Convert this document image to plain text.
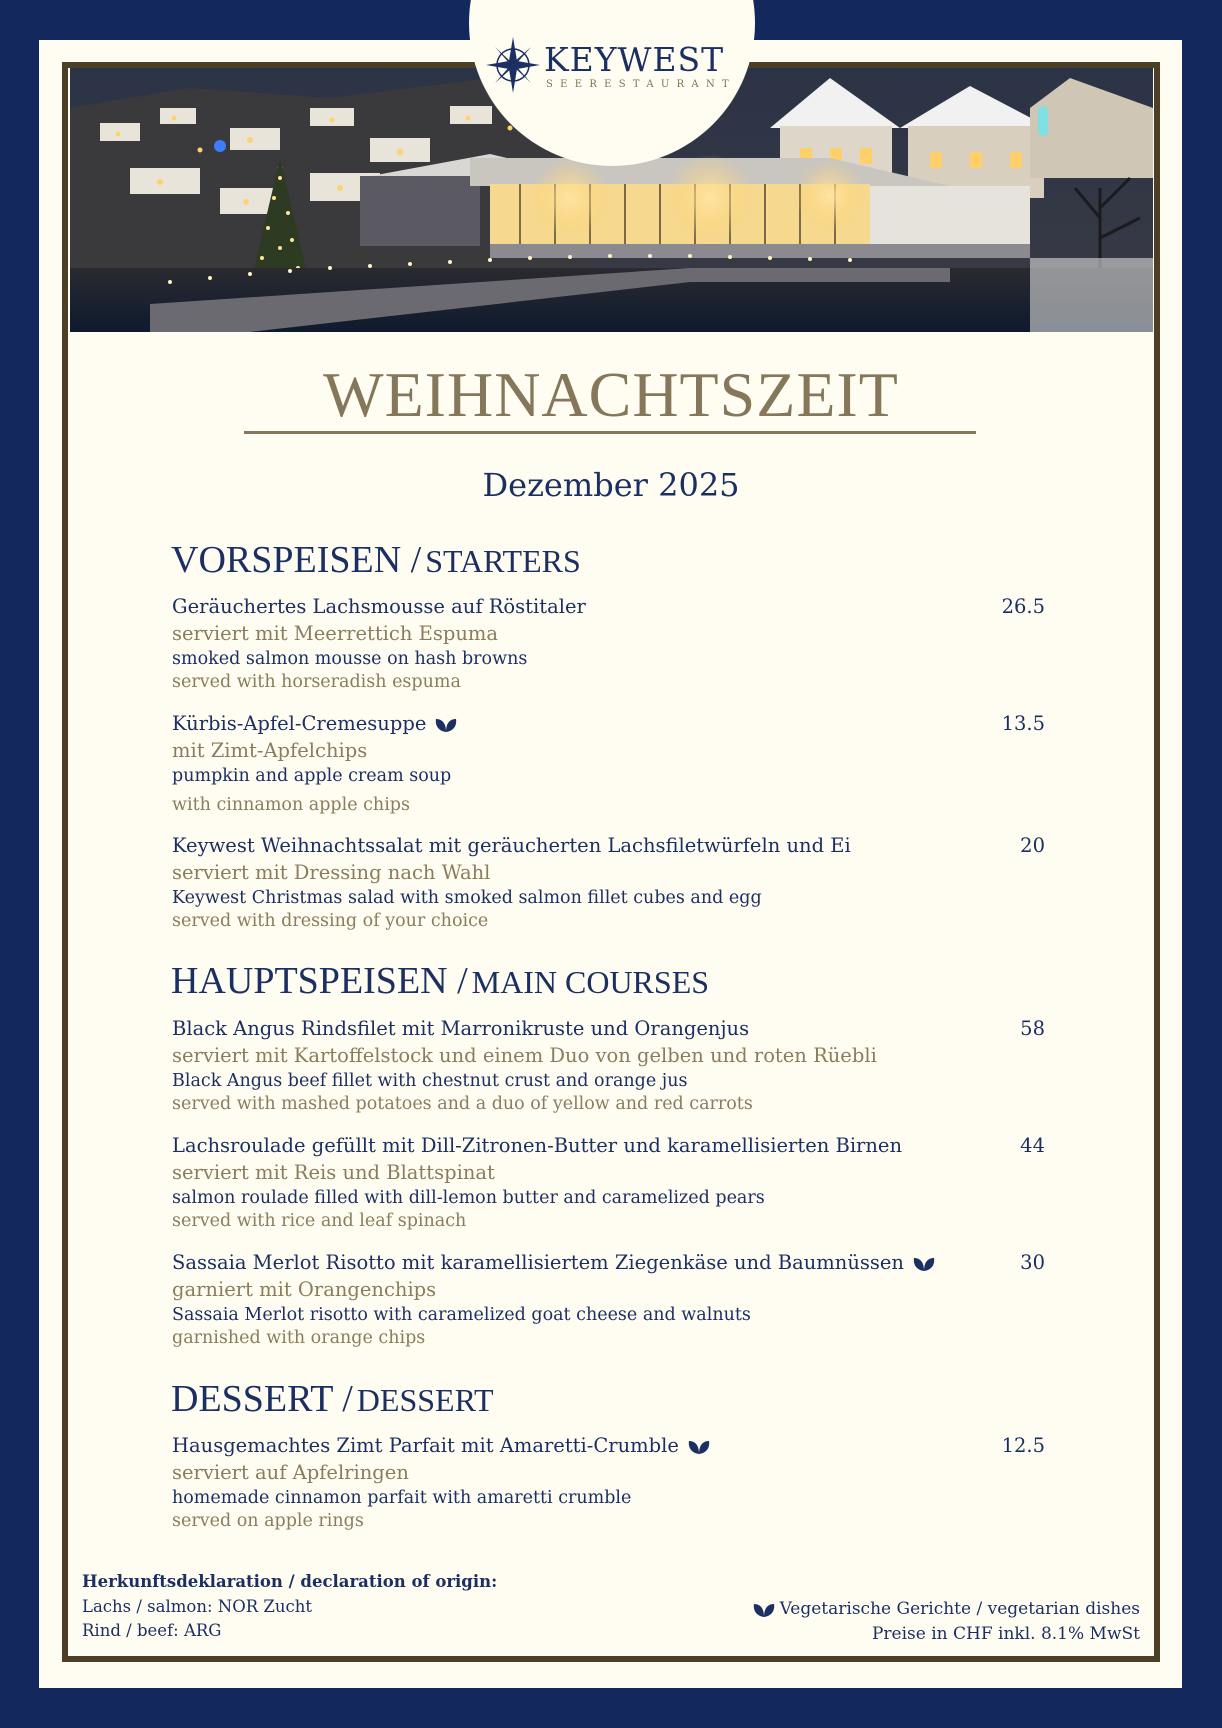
KEYWEST
SEERESTAURANT
WEIHNACHTSZEIT
Dezember 2025
VORSPEISEN / STARTERS
Geräuchertes Lachsmousse auf Röstitaler
serviert mit Meerrettich Espuma
smoked salmon mousse on hash browns
served with horseradish espuma
26.5
Kürbis-Apfel-Cremesuppe
mit Zimt-Apfelchips
pumpkin and apple cream soup
with cinnamon apple chips
13.5
Keywest Weihnachtssalat mit geräucherten Lachsfiletwürfeln und Ei
serviert mit Dressing nach Wahl
Keywest Christmas salad with smoked salmon fillet cubes and egg
served with dressing of your choice
20
HAUPTSPEISEN / MAIN COURSES
Black Angus Rindsfilet mit Marronikruste und Orangenjus
serviert mit Kartoffelstock und einem Duo von gelben und roten Rüebli
Black Angus beef fillet with chestnut crust and orange jus
served with mashed potatoes and a duo of yellow and red carrots
58
Lachsroulade gefüllt mit Dill-Zitronen-Butter und karamellisierten Birnen
serviert mit Reis und Blattspinat
salmon roulade filled with dill-lemon butter and caramelized pears
served with rice and leaf spinach
44
Sassaia Merlot Risotto mit karamellisiertem Ziegenkäse und Baumnüssen
garniert mit Orangenchips
Sassaia Merlot risotto with caramelized goat cheese and walnuts
garnished with orange chips
30
DESSERT / DESSERT
Hausgemachtes Zimt Parfait mit Amaretti-Crumble
serviert auf Apfelringen
homemade cinnamon parfait with amaretti crumble
served on apple rings
12.5
Herkunftsdeklaration / declaration of origin:
Lachs / salmon: NOR Zucht
Rind / beef: ARG
Vegetarische Gerichte / vegetarian dishes
Preise in CHF inkl. 8.1% MwSt
